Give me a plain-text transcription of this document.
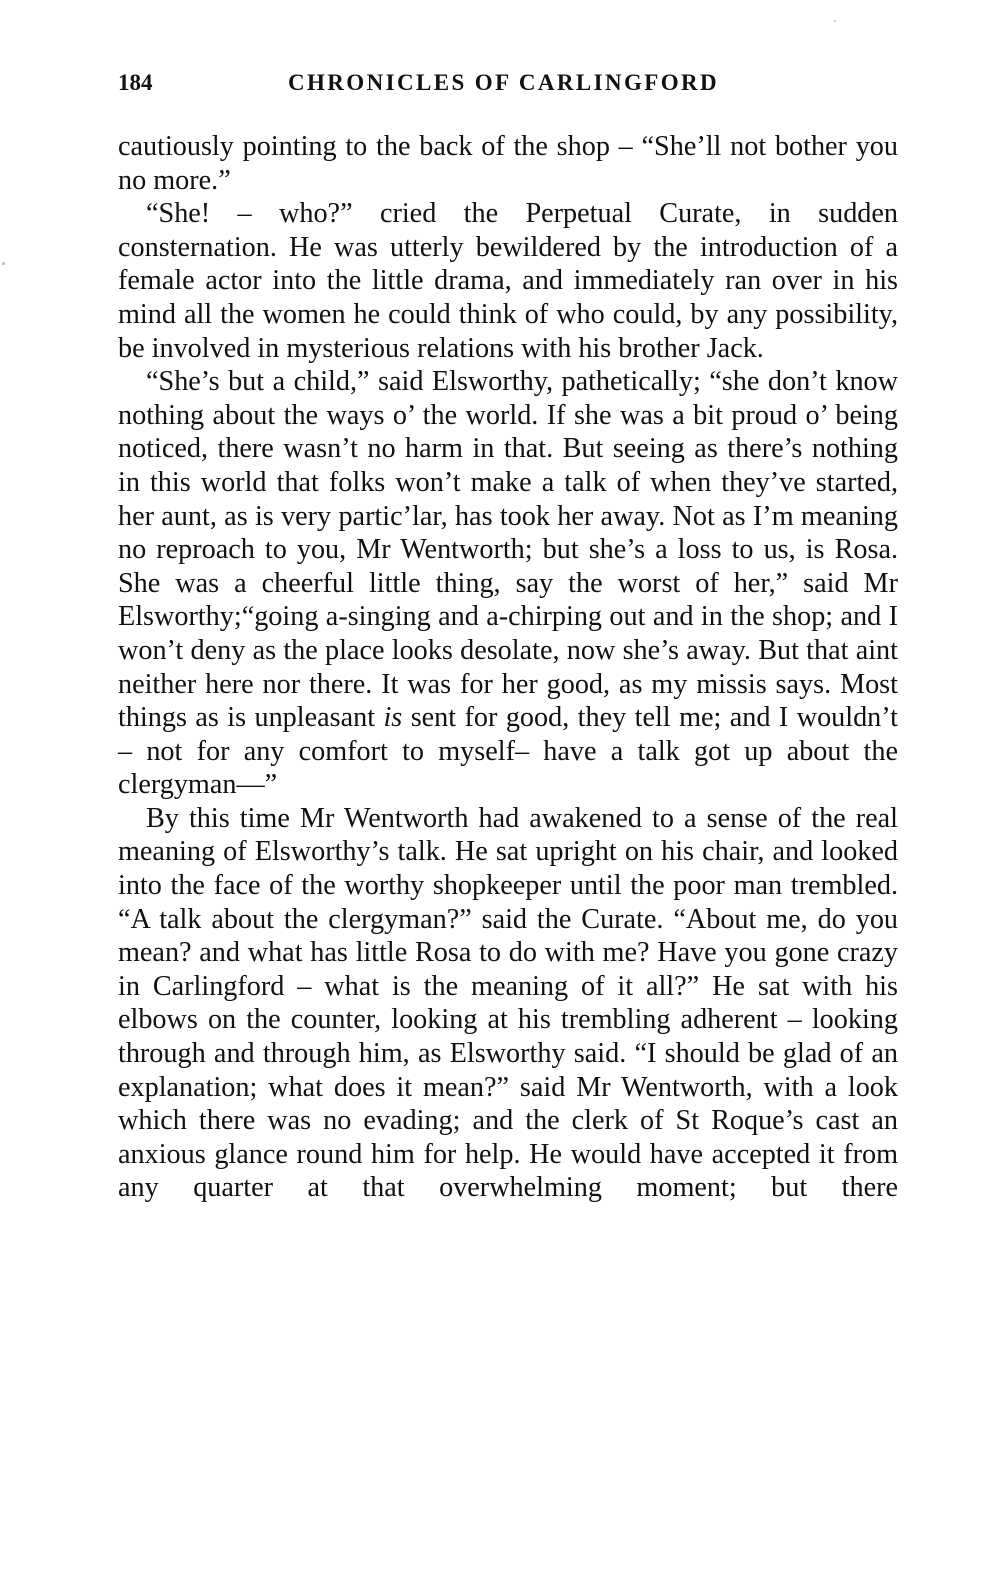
184	CHRONICLES OF CARLINGFORD

cautiously pointing to the back of the shop – “She’ll not bother you no more.”

“She! – who?” cried the Perpetual Curate, in sudden consternation. He was utterly bewildered by the introduction of a female actor into the little drama, and immediately ran over in his mind all the women he could think of who could, by any possibility, be involved in mysterious relations with his brother Jack.

“She’s but a child,” said Elsworthy, pathetically; “she don’t know nothing about the ways o’ the world. If she was a bit proud o’ being noticed, there wasn’t no harm in that. But seeing as there’s nothing in this world that folks won’t make a talk of when they’ve started, her aunt, as is very partic’lar, has took her away. Not as I’m meaning no reproach to you, Mr Wentworth; but she’s a loss to us, is Rosa. She was a cheerful little thing, say the worst of her,” said Mr Elsworthy;“going a-singing and a-chirping out and in the shop; and I won’t deny as the place looks desolate, now she’s away. But that aint neither here nor there. It was for her good, as my missis says. Most things as is unpleasant is sent for good, they tell me; and I wouldn’t – not for any comfort to myself– have a talk got up about the clergyman—”

By this time Mr Wentworth had awakened to a sense of the real meaning of Elsworthy’s talk. He sat upright on his chair, and looked into the face of the worthy shopkeeper until the poor man trembled. “A talk about the clergyman?” said the Curate. “About me, do you mean? and what has little Rosa to do with me? Have you gone crazy in Carlingford – what is the meaning of it all?” He sat with his elbows on the counter, looking at his trembling adherent – looking through and through him, as Elsworthy said. “I should be glad of an explanation; what does it mean?” said Mr Wentworth, with a look which there was no evading; and the clerk of St Roque’s cast an anxious glance round him for help. He would have accepted it from any quarter at that overwhelming moment; but there
